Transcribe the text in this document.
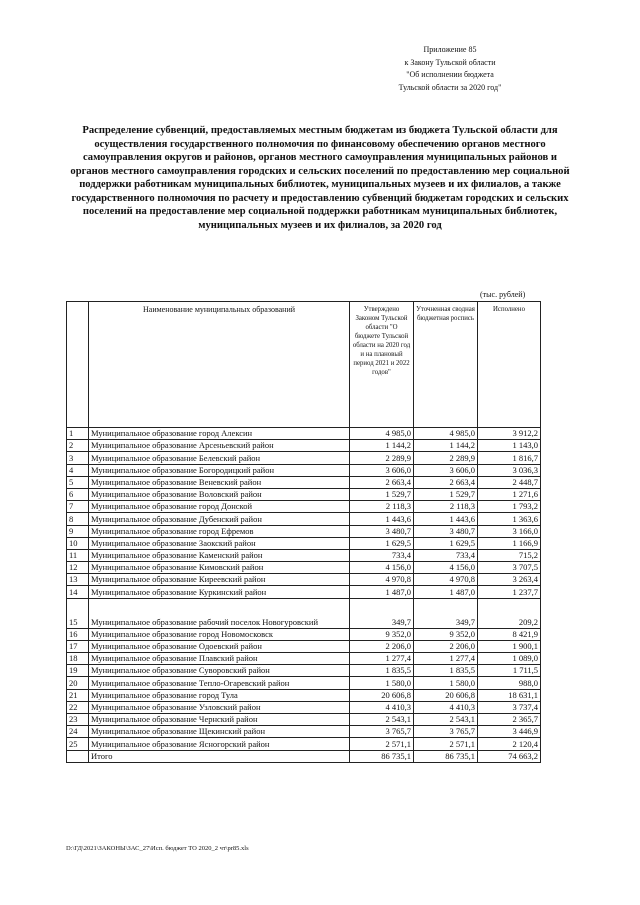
Приложение 85
к Закону Тульской области
"Об исполнении бюджета
Тульской области за 2020 год"
Распределение субвенций, предоставляемых местным бюджетам из бюджета Тульской области для осуществления государственного полномочия по финансовому обеспечению органов местного самоуправления округов и районов, органов местного самоуправления муниципальных районов и органов местного самоуправления городских и сельских поселений по предоставлению мер социальной поддержки работникам муниципальных библиотек, муниципальных музеев и их филиалов, а также государственного полномочия по расчету и предоставлению субвенций бюджетам городских и сельских поселений на предоставление мер социальной поддержки работникам муниципальных библиотек, муниципальных музеев и их филиалов, за 2020 год
(тыс. рублей)
	Наименование муниципальных образований	Утверждено Законом Тульской области "О бюджете Тульской области на 2020 год и на плановый период 2021 и 2022 годов"	Уточненная сводная бюджетная роспись	Исполнено
1	Муниципальное образование город Алексин	4 985,0	4 985,0	3 912,2
2	Муниципальное образование Арсеньевский район	1 144,2	1 144,2	1 143,0
3	Муниципальное образование Белевский район	2 289,9	2 289,9	1 816,7
4	Муниципальное образование Богородицкий район	3 606,0	3 606,0	3 036,3
5	Муниципальное образование Веневский район	2 663,4	2 663,4	2 448,7
6	Муниципальное образование Воловский район	1 529,7	1 529,7	1 271,6
7	Муниципальное образование город Донской	2 118,3	2 118,3	1 793,2
8	Муниципальное образование Дубенский район	1 443,6	1 443,6	1 363,6
9	Муниципальное образование город Ефремов	3 480,7	3 480,7	3 166,0
10	Муниципальное образование Заокский район	1 629,5	1 629,5	1 166,9
11	Муниципальное образование Каменский район	733,4	733,4	715,2
12	Муниципальное образование Кимовский район	4 156,0	4 156,0	3 707,5
13	Муниципальное образование Киреевский район	4 970,8	4 970,8	3 263,4
14	Муниципальное образование Куркинский район	1 487,0	1 487,0	1 237,7
15	Муниципальное образование рабочий поселок Новогуровский	349,7	349,7	209,2
16	Муниципальное образование город Новомосковск	9 352,0	9 352,0	8 421,9
17	Муниципальное образование Одоевский район	2 206,0	2 206,0	1 900,1
18	Муниципальное образование Плавский район	1 277,4	1 277,4	1 089,0
19	Муниципальное образование Суворовский район	1 835,5	1 835,5	1 711,5
20	Муниципальное образование Тепло-Огаревский район	1 580,0	1 580,0	988,0
21	Муниципальное образование город Тула	20 606,8	20 606,8	18 631,1
22	Муниципальное образование Узловский район	4 410,3	4 410,3	3 737,4
23	Муниципальное образование Чернский район	2 543,1	2 543,1	2 365,7
24	Муниципальное образование Щекинский район	3 765,7	3 765,7	3 446,9
25	Муниципальное образование Ясногорский район	2 571,1	2 571,1	2 120,4
	Итого	86 735,1	86 735,1	74 663,2
D:\ГД\2021\ЗАКОНЫ\ЗАС_27\Исп. бюджет ТО 2020_2 чт\pr85.xls
